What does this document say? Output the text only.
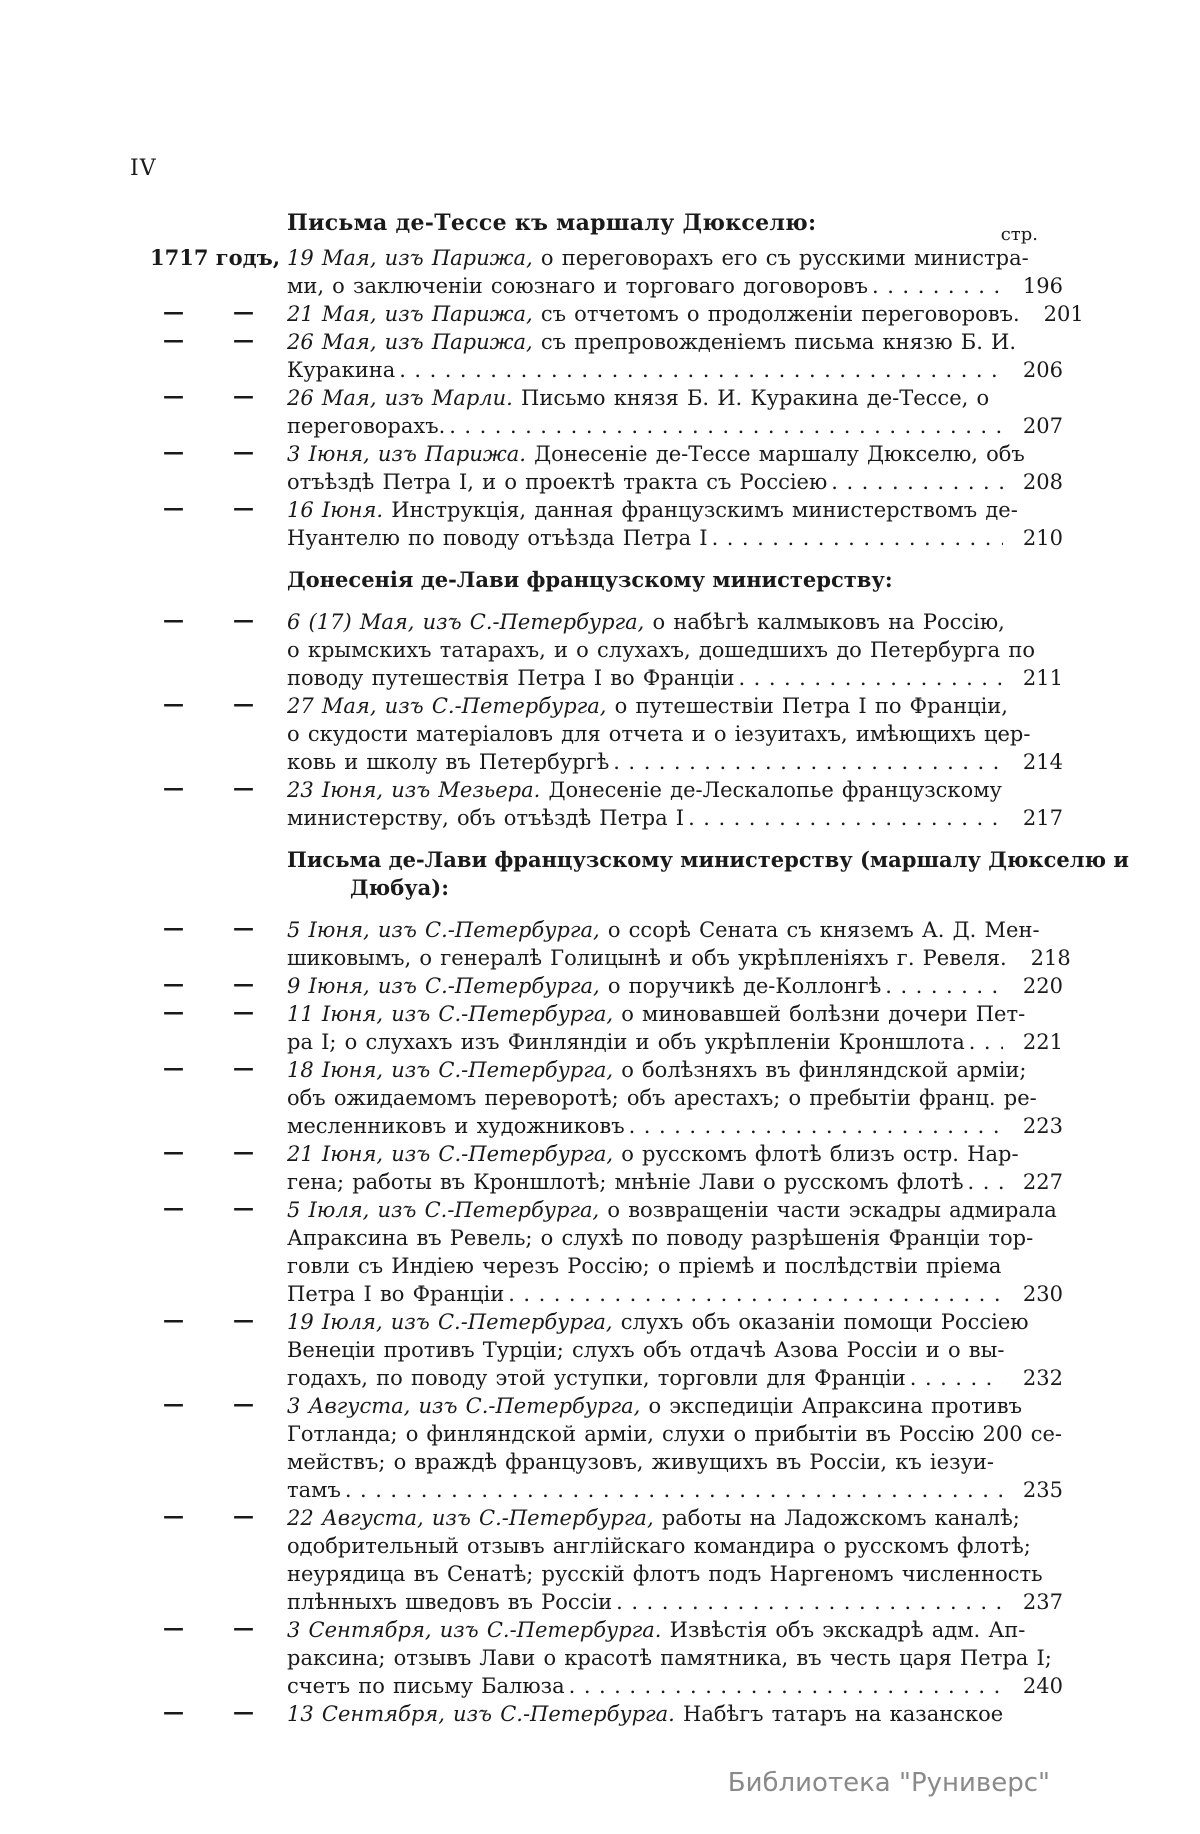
IV
Письма де-Тессе къ маршалу Дюкселю:	стр.
1717 годъ, 19 Мая, изъ Парижа, о переговорахъ его съ русскими министра-
ми, о заключеніи союзнаго и торговаго договоровъ .....	196
— — 21 Мая, изъ Парижа, съ отчетомъ о продолженіи переговоровъ.	201
— — 26 Мая, изъ Парижа, съ препровожденіемъ письма князю Б. И.
Куракина .....	206
— — 26 Мая, изъ Марли. Письмо князя Б. И. Куракина де-Тессе, о
переговорахъ. .....	207
— — 3 Іюня, изъ Парижа. Донесеніе де-Тессе маршалу Дюкселю, объ
отъѣздѣ Петра I, и о проектѣ тракта съ Россіею .....	208
— — 16 Іюня. Инструкція, данная французскимъ министерствомъ де-
Нуантелю по поводу отъѣзда Петра I .....	210
Донесенія де-Лави французскому министерству:
— — 6 (17) Мая, изъ С.-Петербурга, о набѣгѣ калмыковъ на Россію,
о крымскихъ татарахъ, и о слухахъ, дошедшихъ до Петербурга по
поводу путешествія Петра I во Франціи .....	211
— — 27 Мая, изъ С.-Петербурга, о путешествіи Петра I по Франціи,
о скудости матеріаловъ для отчета и о іезуитахъ, имѣющихъ цер-
ковь и школу въ Петербургѣ .....	214
— — 23 Іюня, изъ Мезьера. Донесеніе де-Лескалопье французскому
министерству, объ отъѣздѣ Петра I .....	217
Письма де-Лави французскому министерству (маршалу Дюкселю и
Дюбуа):
— — 5 Іюня, изъ С.-Петербурга, о ссорѣ Сената съ княземъ А. Д. Мен-
шиковымъ, о генералѣ Голицынѣ и объ укрѣпленіяхъ г. Ревеля.	218
— — 9 Іюня, изъ С.-Петербурга, о поручикѣ де-Коллонгѣ .....	220
— — 11 Іюня, изъ С.-Петербурга, о миновавшей болѣзни дочери Пет-
ра I; о слухахъ изъ Финляндіи и объ укрѣпленіи Кроншлота .....	221
— — 18 Іюня, изъ С.-Петербурга, о болѣзняхъ въ финляндской арміи;
объ ожидаемомъ переворотѣ; объ арестахъ; о пребытіи франц. ре-
месленниковъ и художниковъ .....	223
— — 21 Іюня, изъ С.-Петербурга, о русскомъ флотѣ близъ остр. Нар-
гена; работы въ Кроншлотѣ; мнѣніе Лави о русскомъ флотѣ .....	227
— — 5 Іюля, изъ С.-Петербурга, о возвращеніи части эскадры адмирала
Апраксина въ Ревель; о слухѣ по поводу разрѣшенія Франціи тор-
говли съ Индіею черезъ Россію; о пріемѣ и послѣдствіи пріема
Петра I во Франціи .....	230
— — 19 Іюля, изъ С.-Петербурга, слухъ объ оказаніи помощи Россіею
Венеціи противъ Турціи; слухъ объ отдачѣ Азова Россіи и о вы-
годахъ, по поводу этой уступки, торговли для Франціи .....	232
— — 3 Августа, изъ С.-Петербурга, о экспедиціи Апраксина противъ
Готланда; о финляндской арміи, слухи о прибытіи въ Россію 200 се-
мействъ; о враждѣ французовъ, живущихъ въ Россіи, къ іезуи-
тамъ .....	235
— — 22 Августа, изъ С.-Петербурга, работы на Ладожскомъ каналѣ;
одобрительный отзывъ англійскаго командира о русскомъ флотѣ;
неурядица въ Сенатѣ; русскій флотъ подъ Наргеномъ численность
плѣнныхъ шведовъ въ Россіи .....	237
— — 3 Сентября, изъ С.-Петербурга. Извѣстія объ экскадрѣ адм. Ап-
раксина; отзывъ Лави о красотѣ памятника, въ честь царя Петра I;
счетъ по письму Балюза .....	240
— — 13 Сентября, изъ С.-Петербурга. Набѣгъ татаръ на казанское
Библиотека "Руниверс"
